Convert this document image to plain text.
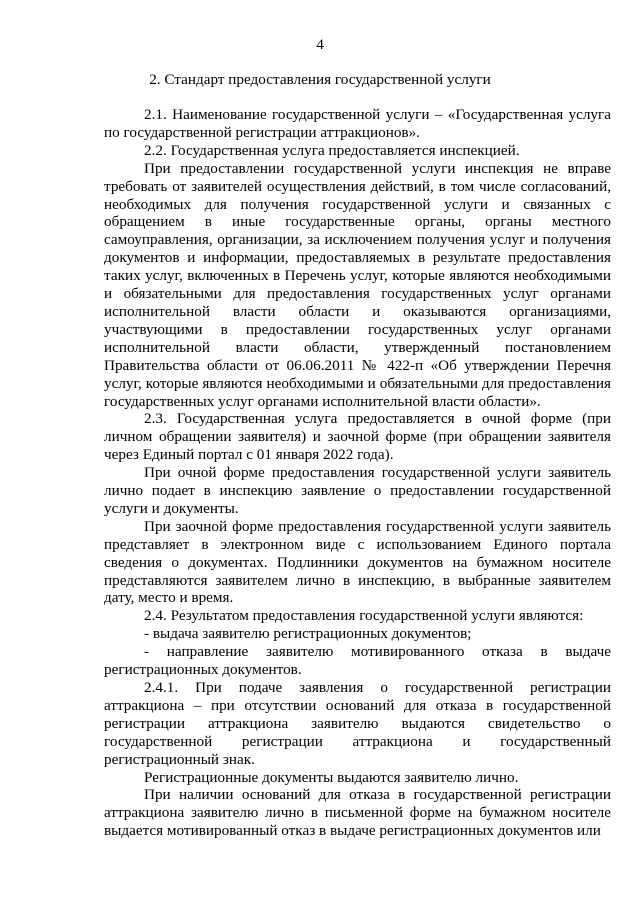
4
2. Стандарт предоставления государственной услуги

2.1. Наименование государственной услуги – «Государственная услуга по государственной регистрации аттракционов».

2.2. Государственная услуга предоставляется инспекцией.

При предоставлении государственной услуги инспекция не вправе требовать от заявителей осуществления действий, в том числе согласований, необходимых для получения государственной услуги и связанных с обращением в иные государственные органы, органы местного самоуправления, организации, за исключением получения услуг и получения документов и информации, предоставляемых в результате предоставления таких услуг, включенных в Перечень услуг, которые являются необходимыми и обязательными для предоставления государственных услуг органами исполнительной власти области и оказываются организациями, участвующими в предоставлении государственных услуг органами исполнительной власти области, утвержденный постановлением Правительства области от 06.06.2011 № 422-п «Об утверждении Перечня услуг, которые являются необходимыми и обязательными для предоставления государственных услуг органами исполнительной власти области».

2.3. Государственная услуга предоставляется в очной форме (при личном обращении заявителя) и заочной форме (при обращении заявителя через Единый портал с 01 января 2022 года).

При очной форме предоставления государственной услуги заявитель лично подает в инспекцию заявление о предоставлении государственной услуги и документы.

При заочной форме предоставления государственной услуги заявитель представляет в электронном виде с использованием Единого портала сведения о документах. Подлинники документов на бумажном носителе представляются заявителем лично в инспекцию, в выбранные заявителем дату, место и время.

2.4. Результатом предоставления государственной услуги являются:

- выдача заявителю регистрационных документов;

- направление заявителю мотивированного отказа в выдаче регистрационных документов.

2.4.1. При подаче заявления о государственной регистрации аттракциона – при отсутствии оснований для отказа в государственной регистрации аттракциона заявителю выдаются свидетельство о государственной регистрации аттракциона и государственный регистрационный знак.

Регистрационные документы выдаются заявителю лично.

При наличии оснований для отказа в государственной регистрации аттракциона заявителю лично в письменной форме на бумажном носителе выдается мотивированный отказ в выдаче регистрационных документов или
